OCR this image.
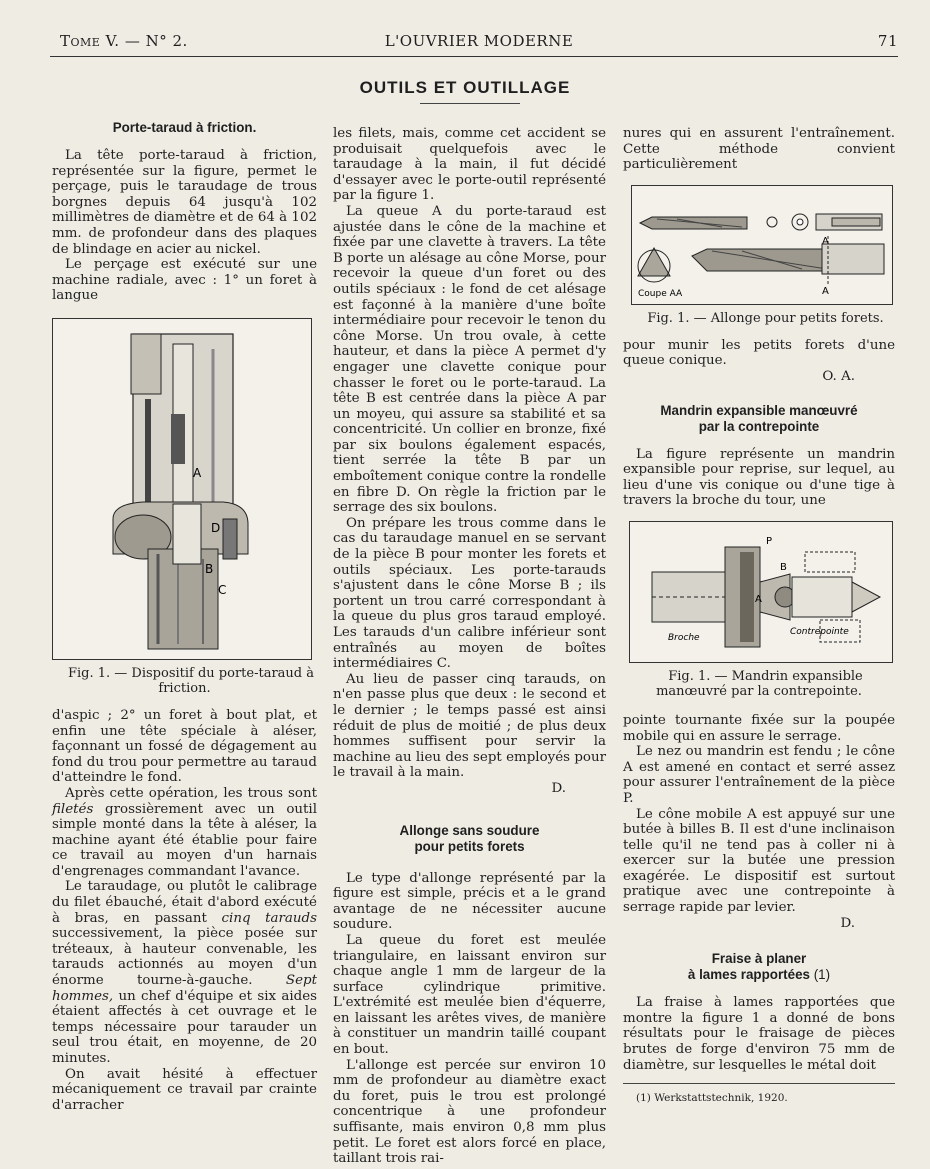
Tome V. — N° 2.	L'OUVRIER MODERNE	71
OUTILS ET OUTILLAGE
Porte-taraud à friction.

La tête porte-taraud à friction, représentée sur la figure, permet le perçage, puis le taraudage de trous borgnes depuis 64 jusqu'à 102 millimètres de diamètre et de 64 à 102 mm. de profondeur dans des plaques de blindage en acier au nickel.

Le perçage est exécuté sur une machine radiale, avec : 1° un foret à langue

A
D
B
C

Fig. 1. — Dispositif du porte-taraud à friction.

d'aspic ; 2° un foret à bout plat, et enfin une tête spéciale à aléser, façonnant un fossé de dégagement au fond du trou pour permettre au taraud d'atteindre le fond.

Après cette opération, les trous sont filetés grossièrement avec un outil simple monté dans la tête à aléser, la machine ayant été établie pour faire ce travail au moyen d'un harnais d'engrenages commandant l'avance.

Le taraudage, ou plutôt le calibrage du filet ébauché, était d'abord exécuté à bras, en passant cinq tarauds successivement, la pièce posée sur tréteaux, à hauteur convenable, les tarauds actionnés au moyen d'un énorme tourne-à-gauche. Sept hommes, un chef d'équipe et six aides étaient affectés à cet ouvrage et le temps nécessaire pour tarauder un seul trou était, en moyenne, de 20 minutes.

On avait hésité à effectuer mécaniquement ce travail par crainte d'arracher

les filets, mais, comme cet accident se produisait quelquefois avec le taraudage à la main, il fut décidé d'essayer avec le porte-outil représenté par la figure 1.

La queue A du porte-taraud est ajustée dans le cône de la machine et fixée par une clavette à travers. La tête B porte un alésage au cône Morse, pour recevoir la queue d'un foret ou des outils spéciaux : le fond de cet alésage est façonné à la manière d'une boîte intermédiaire pour recevoir le tenon du cône Morse. Un trou ovale, à cette hauteur, et dans la pièce A permet d'y engager une clavette conique pour chasser le foret ou le porte-taraud. La tête B est centrée dans la pièce A par un moyeu, qui assure sa stabilité et sa concentricité. Un collier en bronze, fixé par six boulons également espacés, tient serrée la tête B par un emboîtement conique contre la rondelle en fibre D. On règle la friction par le serrage des six boulons.

On prépare les trous comme dans le cas du taraudage manuel en se servant de la pièce B pour monter les forets et outils spéciaux. Les porte-tarauds s'ajustent dans le cône Morse B ; ils portent un trou carré correspondant à la queue du plus gros taraud employé. Les tarauds d'un calibre inférieur sont entraînés au moyen de boîtes intermédiaires C.

Au lieu de passer cinq tarauds, on n'en passe plus que deux : le second et le dernier ; le temps passé est ainsi réduit de plus de moitié ; de plus deux hommes suffisent pour servir la machine au lieu des sept employés pour le travail à la main.

D.

Allonge sans soudure
pour petits forets

Le type d'allonge représenté par la figure est simple, précis et a le grand avantage de ne nécessiter aucune soudure.

La queue du foret est meulée triangulaire, en laissant environ sur chaque angle 1 mm de largeur de la surface cylindrique primitive. L'extrémité est meulée bien d'équerre, en laissant les arêtes vives, de manière à constituer un mandrin taillé coupant en bout.

L'allonge est percée sur environ 10 mm de profondeur au diamètre exact du foret, puis le trou est prolongé concentrique à une profondeur suffisante, mais environ 0,8 mm plus petit. Le foret est alors forcé en place, taillant trois rai-

nures qui en assurent l'entraînement. Cette méthode convient particulièrement

A
A
Coupe AA

Fig. 1. — Allonge pour petits forets.

pour munir les petits forets d'une queue conique.

O. A.

Mandrin expansible manœuvré
par la contrepointe

La figure représente un mandrin expansible pour reprise, sur lequel, au lieu d'une vis conique ou d'une tige à travers la broche du tour, une

P
B
A
Broche
Contrepointe

Fig. 1. — Mandrin expansible manœuvré par la contrepointe.

pointe tournante fixée sur la poupée mobile qui en assure le serrage.

Le nez ou mandrin est fendu ; le cône A est amené en contact et serré assez pour assurer l'entraînement de la pièce P.

Le cône mobile A est appuyé sur une butée à billes B. Il est d'une inclinaison telle qu'il ne tend pas à coller ni à exercer sur la butée une pression exagérée. Le dispositif est surtout pratique avec une contrepointe à serrage rapide par levier.

D.

Fraise à planer
à lames rapportées (1)

La fraise à lames rapportées que montre la figure 1 a donné de bons résultats pour le fraisage de pièces brutes de forge d'environ 75 mm de diamètre, sur lesquelles le métal doit

(1) Werkstattstechnik, 1920.
